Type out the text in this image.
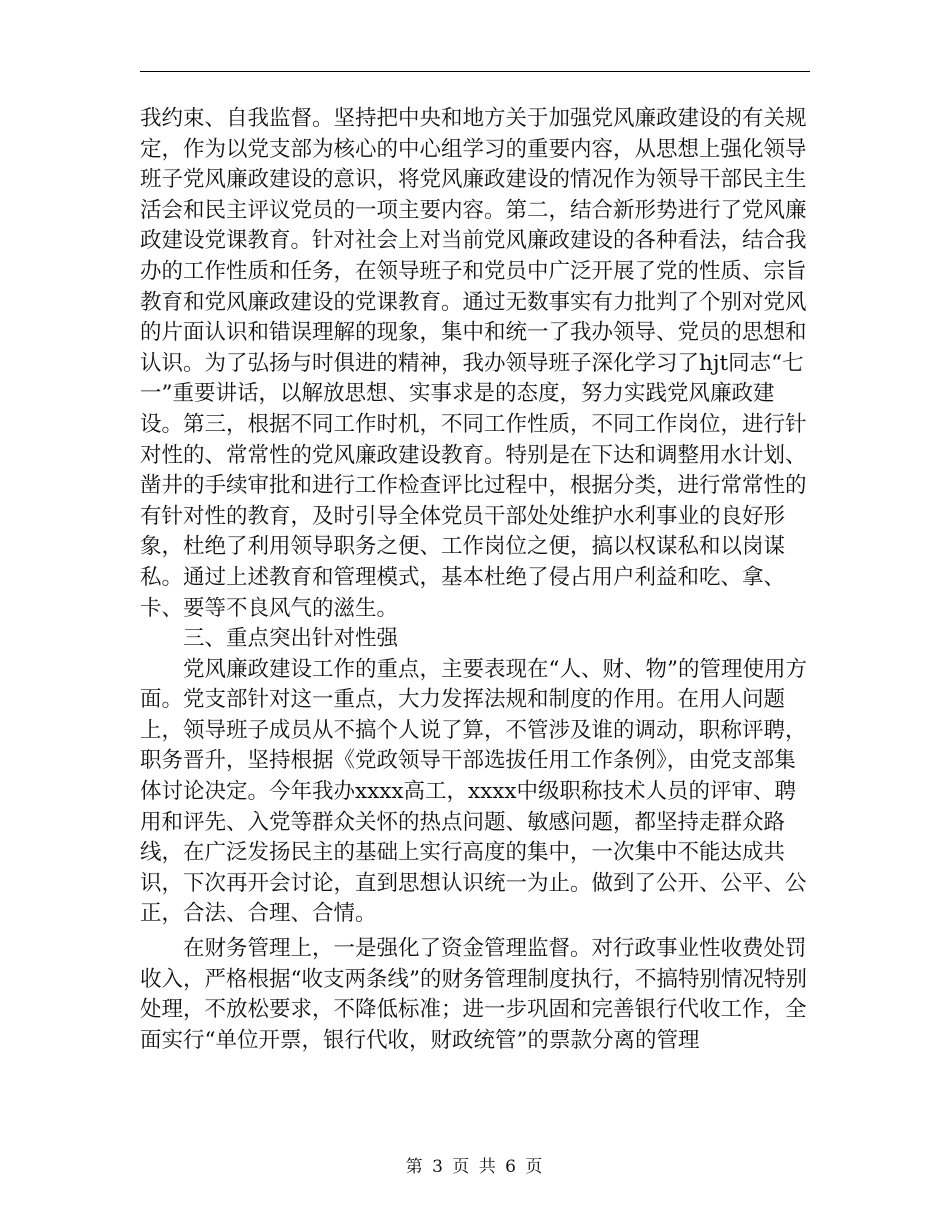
我约束、自我监督。坚持把中央和地方关于加强党风廉政建设的有关规定，作为以党支部为核心的中心组学习的重要内容，从思想上强化领导班子党风廉政建设的意识，将党风廉政建设的情况作为领导干部民主生活会和民主评议党员的一项主要内容。第二，结合新形势进行了党风廉政建设党课教育。针对社会上对当前党风廉政建设的各种看法，结合我办的工作性质和任务，在领导班子和党员中广泛开展了党的性质、宗旨教育和党风廉政建设的党课教育。通过无数事实有力批判了个别对党风的片面认识和错误理解的现象，集中和统一了我办领导、党员的思想和认识。为了弘扬与时俱进的精神，我办领导班子深化学习了hjt同志“七一”重要讲话，以解放思想、实事求是的态度，努力实践党风廉政建设。第三，根据不同工作时机，不同工作性质，不同工作岗位，进行针对性的、常常性的党风廉政建设教育。特别是在下达和调整用水计划、凿井的手续审批和进行工作检查评比过程中，根据分类，进行常常性的有针对性的教育，及时引导全体党员干部处处维护水利事业的良好形象，杜绝了利用领导职务之便、工作岗位之便，搞以权谋私和以岗谋私。通过上述教育和管理模式，基本杜绝了侵占用户利益和吃、拿、卡、要等不良风气的滋生。

三、重点突出针对性强

党风廉政建设工作的重点，主要表现在“人、财、物”的管理使用方面。党支部针对这一重点，大力发挥法规和制度的作用。在用人问题上，领导班子成员从不搞个人说了算，不管涉及谁的调动，职称评聘，职务晋升，坚持根据《党政领导干部选拔任用工作条例》，由党支部集体讨论决定。今年我办xxxx高工，xxxx中级职称技术人员的评审、聘用和评先、入党等群众关怀的热点问题、敏感问题，都坚持走群众路线，在广泛发扬民主的基础上实行高度的集中，一次集中不能达成共识，下次再开会讨论，直到思想认识统一为止。做到了公开、公平、公正，合法、合理、合情。

在财务管理上，一是强化了资金管理监督。对行政事业性收费处罚收入，严格根据“收支两条线”的财务管理制度执行，不搞特别情况特别处理，不放松要求，不降低标准；进一步巩固和完善银行代收工作，全面实行“单位开票，银行代收，财政统管”的票款分离的管理

第 3 页 共 6 页
